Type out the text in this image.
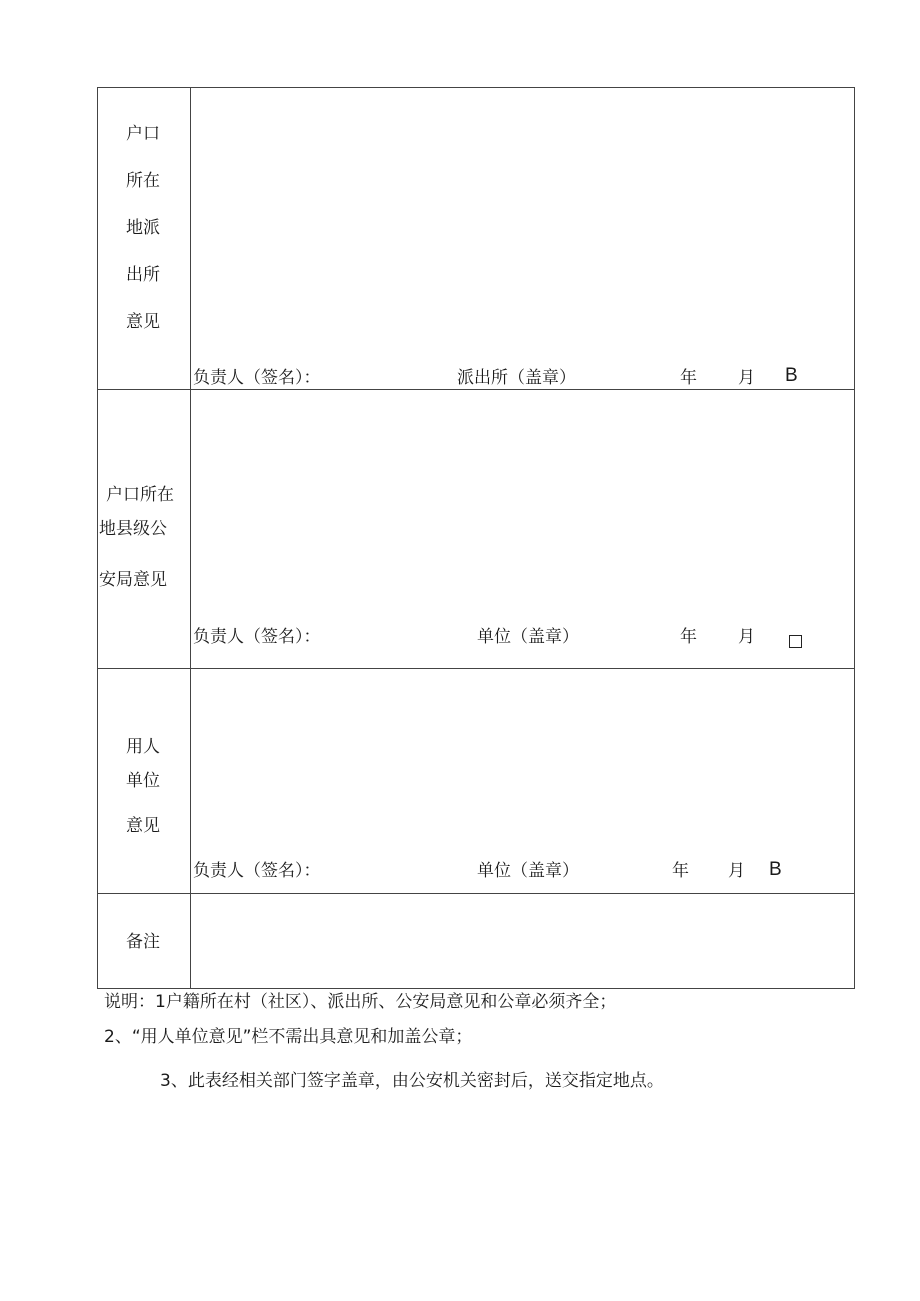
户口
所在
地派
出所
意见
负责人（签名）：	派出所（盖章）	年 月 B
户口所在
地县级公
安局意见
负责人（签名）：	单位（盖章）	年 月
用人
单位
意见
负责人（签名）：	单位（盖章）	年 月 B
备注
说明：1户籍所在村（社区）、派出所、公安局意见和公章必须齐全；
2、“用人单位意见”栏不需出具意见和加盖公章；
3、此表经相关部门签字盖章，由公安机关密封后，送交指定地点。
